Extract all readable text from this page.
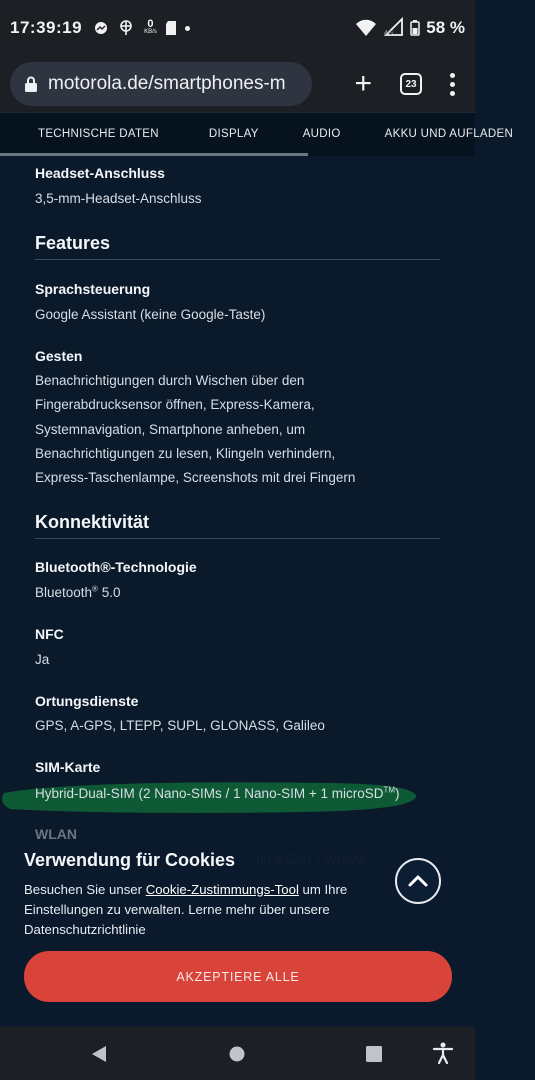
17:39:19	0
KB/s	4G 58 %
motorola.de/smartphones-m +	23
TECHNISCHE DATEN	DISPLAY	AUDIO	AKKU UND AUFLADEN
Headset-Anschluss
3,5-mm-Headset-Anschluss
Features
Sprachsteuerung
Google Assistant (keine Google-Taste)
Gesten
Benachrichtigungen durch Wischen über den
Fingerabdrucksensor öffnen, Express-Kamera,
Systemnavigation, Smartphone anheben, um
Benachrichtigungen zu lesen, Klingeln verhindern,
Express-Taschenlampe, Screenshots mit drei Fingern
Konnektivität
Bluetooth®-Technologie
Bluetooth® 5.0
NFC
Ja
Ortungsdienste
GPS, A-GPS, LTEPP, SUPL, GLONASS, Galileo
SIM-Karte
Hybrid-Dual-SIM (2 Nano-SIMs / 1 Nano-SIM + 1 microSD™)
WLAN
Verwendung für Cookies
Besuchen Sie unser Cookie-Zustimmungs-Tool um Ihre Einstellungen zu verwalten. Lerne mehr über unsere Datenschutzrichtlinie
AKZEPTIERE ALLE
